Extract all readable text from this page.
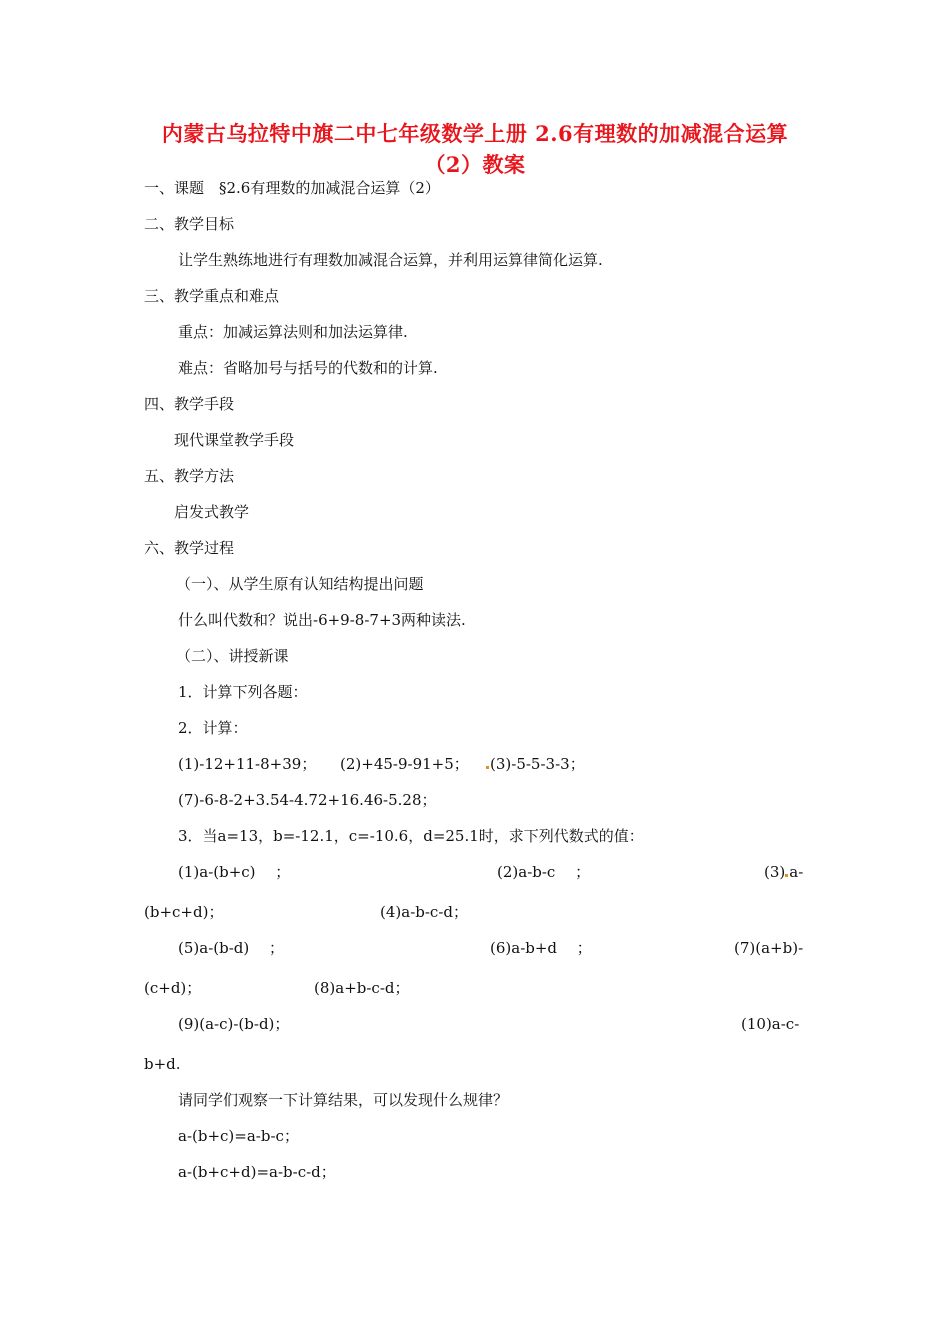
内蒙古乌拉特中旗二中七年级数学上册 2.6有理数的加减混合运算
（2）教案
一、课题　§2.6有理数的加减混合运算（2）
二、教学目标
让学生熟练地进行有理数加减混合运算，并利用运算律简化运算.
三、教学重点和难点
重点：加减运算法则和加法运算律.
难点：省略加号与括号的代数和的计算.
四、教学手段
现代课堂教学手段
五、教学方法
启发式教学
六、教学过程
（一）、从学生原有认知结构提出问题
什么叫代数和？说出-6+9-8-7+3两种读法.
（二）、讲授新课
1．计算下列各题：
2．计算：
(1)-12+11-8+39； (2)+45-9-91+5； (3)-5-5-3-3；
(7)-6-8-2+3.54-4.72+16.46-5.28；
3．当a=13，b=-12.1，c=-10.6，d=25.1时，求下列代数式的值：
(1)a-(b+c)　 ；	(2)a-b-c　 ；	(3) a-
(b+c+d)；	(4)a-b-c-d；
(5)a-(b-d)　 ；	(6)a-b+d　 ；	(7)(a+b)-
(c+d)；	(8)a+b-c-d；
(9)(a-c)-(b-d)；	(10)a-c-
b+d.
请同学们观察一下计算结果，可以发现什么规律？
a-(b+c)=a-b-c；
a-(b+c+d)=a-b-c-d；
